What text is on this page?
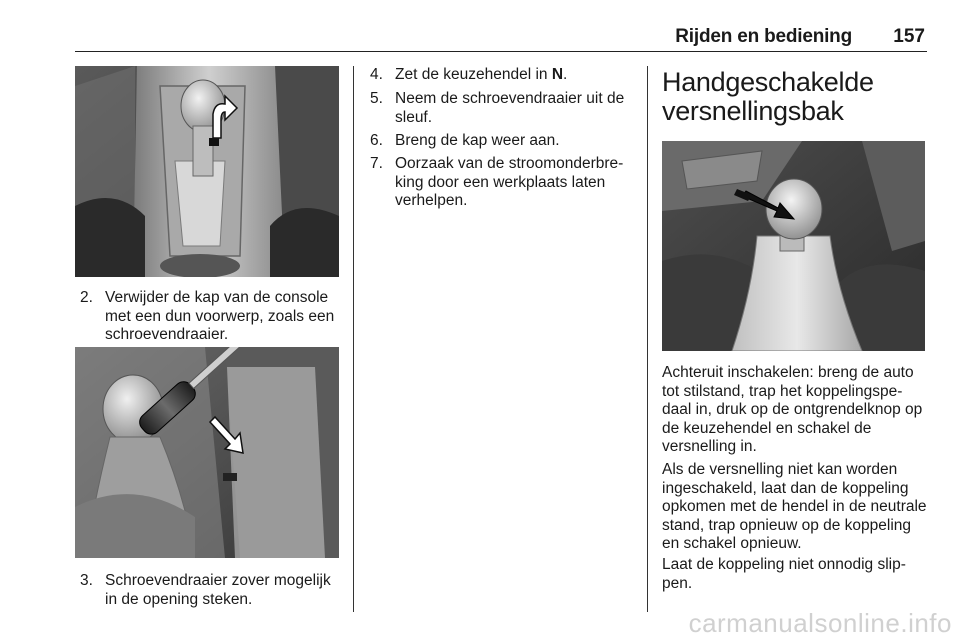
Rijden en bediening 157
2. Verwijder de kap van de console met een dun voorwerp, zoals een schroevendraaier.
3. Schroevendraaier zover mogelijk in de opening steken.
4. Zet de keuzehendel in N.
5. Neem de schroevendraaier uit de sleuf.
6. Breng de kap weer aan.
7. Oorzaak van de stroomonderbre-king door een werkplaats laten verhelpen.
Handgeschakelde versnellingsbak

Achteruit inschakelen: breng de auto tot stilstand, trap het koppelingspe-daal in, druk op de ontgrendelknop op de keuzehendel en schakel de versnelling in.

Als de versnelling niet kan worden ingeschakeld, laat dan de koppeling opkomen met de hendel in de neutrale stand, trap opnieuw op de koppeling en schakel opnieuw.

Laat de koppeling niet onnodig slip-pen.

carmanualsonline.info
